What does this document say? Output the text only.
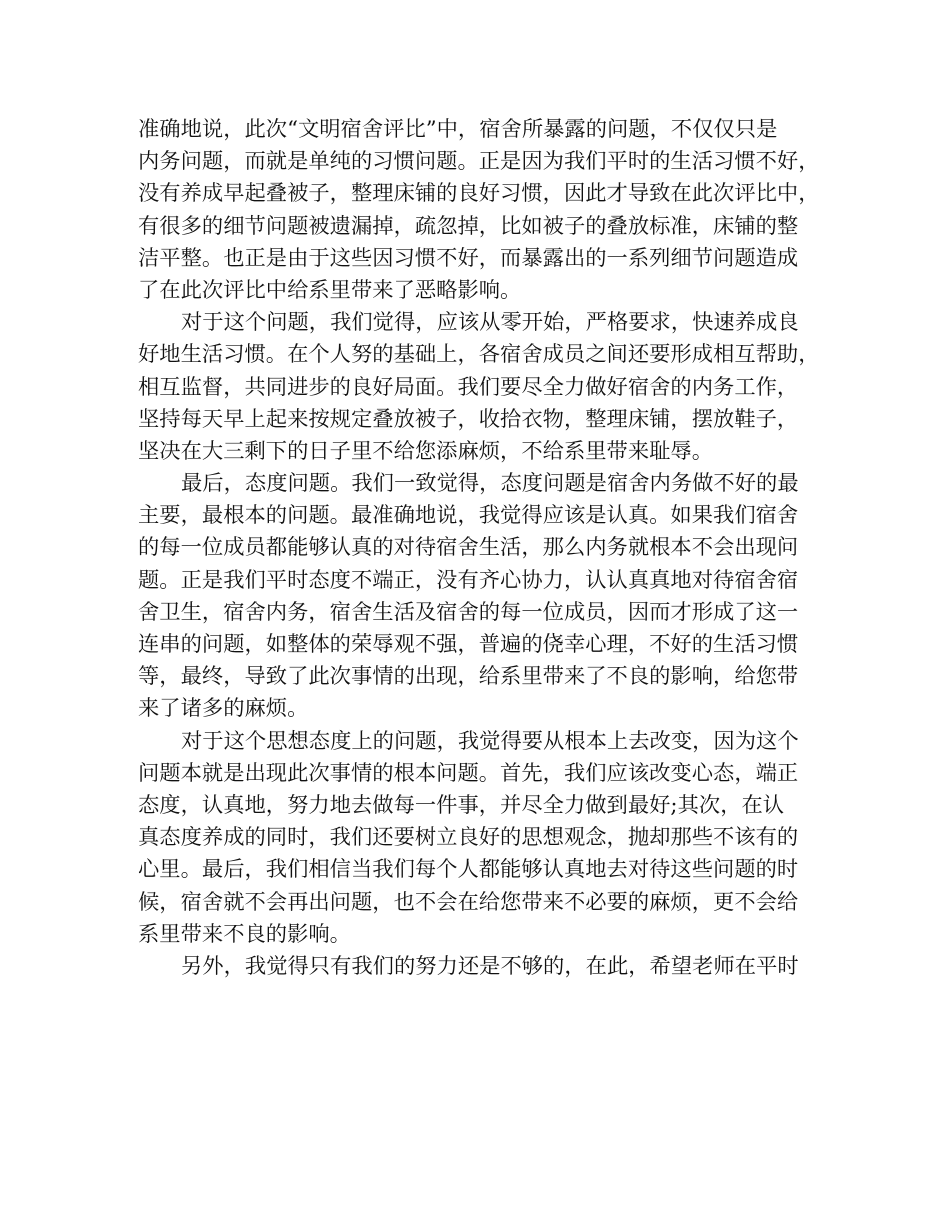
准确地说，此次“文明宿舍评比”中，宿舍所暴露的问题，不仅仅只是
内务问题，而就是单纯的习惯问题。正是因为我们平时的生活习惯不好，
没有养成早起叠被子，整理床铺的良好习惯，因此才导致在此次评比中，
有很多的细节问题被遗漏掉，疏忽掉，比如被子的叠放标准，床铺的整
洁平整。也正是由于这些因习惯不好，而暴露出的一系列细节问题造成
了在此次评比中给系里带来了恶略影响。

对于这个问题，我们觉得，应该从零开始，严格要求，快速养成良
好地生活习惯。在个人努的基础上，各宿舍成员之间还要形成相互帮助，
相互监督，共同进步的良好局面。我们要尽全力做好宿舍的内务工作，
坚持每天早上起来按规定叠放被子，收拾衣物，整理床铺，摆放鞋子，
坚决在大三剩下的日子里不给您添麻烦，不给系里带来耻辱。

最后，态度问题。我们一致觉得，态度问题是宿舍内务做不好的最
主要，最根本的问题。最准确地说，我觉得应该是认真。如果我们宿舍
的每一位成员都能够认真的对待宿舍生活，那么内务就根本不会出现问
题。正是我们平时态度不端正，没有齐心协力，认认真真地对待宿舍宿
舍卫生，宿舍内务，宿舍生活及宿舍的每一位成员，因而才形成了这一
连串的问题，如整体的荣辱观不强，普遍的侥幸心理，不好的生活习惯
等，最终，导致了此次事情的出现，给系里带来了不良的影响，给您带
来了诸多的麻烦。

对于这个思想态度上的问题，我觉得要从根本上去改变，因为这个
问题本就是出现此次事情的根本问题。首先，我们应该改变心态，端正
态度，认真地，努力地去做每一件事，并尽全力做到最好;其次，在认
真态度养成的同时，我们还要树立良好的思想观念，抛却那些不该有的
心里。最后，我们相信当我们每个人都能够认真地去对待这些问题的时
候，宿舍就不会再出问题，也不会在给您带来不必要的麻烦，更不会给
系里带来不良的影响。

另外，我觉得只有我们的努力还是不够的，在此，希望老师在平时
